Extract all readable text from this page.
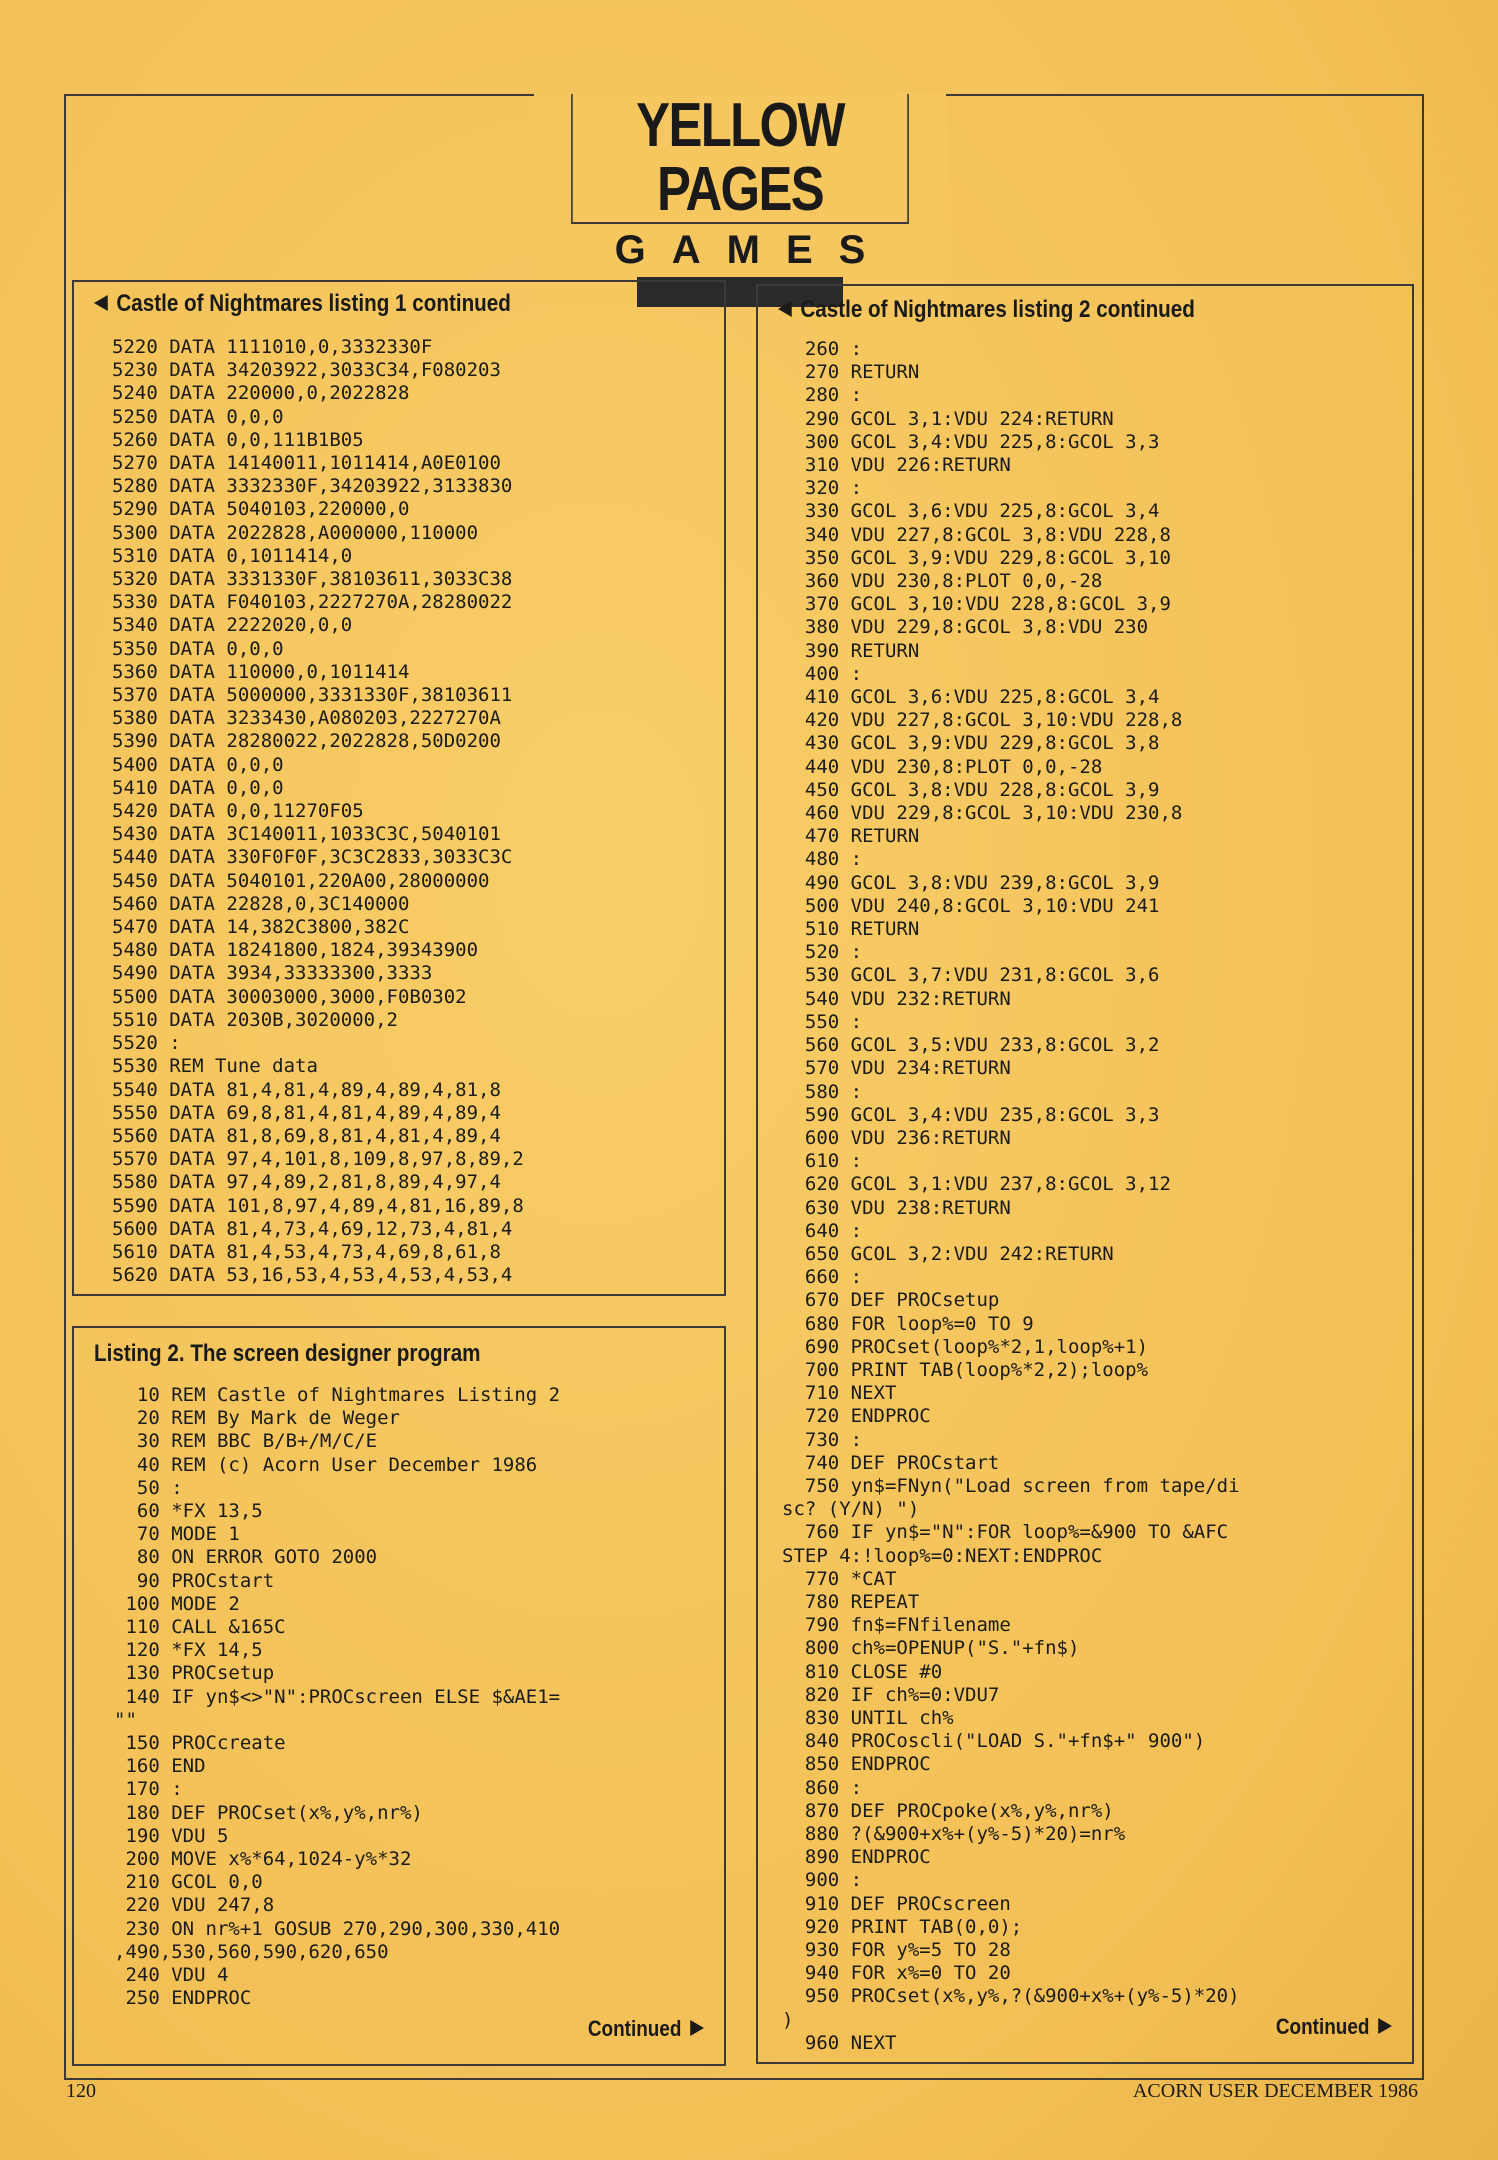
YELLOW PAGES
GAMES
Castle of Nightmares listing 1 continued
5220 DATA 1111010,0,3332330F
5230 DATA 34203922,3033C34,F080203
5240 DATA 220000,0,2022828
5250 DATA 0,0,0
5260 DATA 0,0,111B1B05
5270 DATA 14140011,1011414,A0E0100
5280 DATA 3332330F,34203922,3133830
5290 DATA 5040103,220000,0
5300 DATA 2022828,A000000,110000
5310 DATA 0,1011414,0
5320 DATA 3331330F,38103611,3033C38
5330 DATA F040103,2227270A,28280022
5340 DATA 2222020,0,0
5350 DATA 0,0,0
5360 DATA 110000,0,1011414
5370 DATA 5000000,3331330F,38103611
5380 DATA 3233430,A080203,2227270A
5390 DATA 28280022,2022828,50D0200
5400 DATA 0,0,0
5410 DATA 0,0,0
5420 DATA 0,0,11270F05
5430 DATA 3C140011,1033C3C,5040101
5440 DATA 330F0F0F,3C3C2833,3033C3C
5450 DATA 5040101,220A00,28000000
5460 DATA 22828,0,3C140000
5470 DATA 14,382C3800,382C
5480 DATA 18241800,1824,39343900
5490 DATA 3934,33333300,3333
5500 DATA 30003000,3000,F0B0302
5510 DATA 2030B,3020000,2
5520 :
5530 REM Tune data
5540 DATA 81,4,81,4,89,4,89,4,81,8
5550 DATA 69,8,81,4,81,4,89,4,89,4
5560 DATA 81,8,69,8,81,4,81,4,89,4
5570 DATA 97,4,101,8,109,8,97,8,89,2
5580 DATA 97,4,89,2,81,8,89,4,97,4
5590 DATA 101,8,97,4,89,4,81,16,89,8
5600 DATA 81,4,73,4,69,12,73,4,81,4
5610 DATA 81,4,53,4,73,4,69,8,61,8
5620 DATA 53,16,53,4,53,4,53,4,53,4
Listing 2. The screen designer program
10 REM Castle of Nightmares Listing 2
20 REM By Mark de Weger
30 REM BBC B/B+/M/C/E
40 REM (c) Acorn User December 1986
50 :
60 *FX 13,5
70 MODE 1
80 ON ERROR GOTO 2000
90 PROCstart
100 MODE 2
110 CALL &165C
120 *FX 14,5
130 PROCsetup
140 IF yn$<>"N":PROCscreen ELSE $&AE1=
""
150 PROCcreate
160 END
170 :
180 DEF PROCset(x%,y%,nr%)
190 VDU 5
200 MOVE x%*64,1024-y%*32
210 GCOL 0,0
220 VDU 247,8
230 ON nr%+1 GOSUB 270,290,300,330,410
,490,530,560,590,620,650
240 VDU 4
250 ENDPROC
Continued
Castle of Nightmares listing 2 continued
260 :
270 RETURN
280 :
290 GCOL 3,1:VDU 224:RETURN
300 GCOL 3,4:VDU 225,8:GCOL 3,3
310 VDU 226:RETURN
320 :
330 GCOL 3,6:VDU 225,8:GCOL 3,4
340 VDU 227,8:GCOL 3,8:VDU 228,8
350 GCOL 3,9:VDU 229,8:GCOL 3,10
360 VDU 230,8:PLOT 0,0,-28
370 GCOL 3,10:VDU 228,8:GCOL 3,9
380 VDU 229,8:GCOL 3,8:VDU 230
390 RETURN
400 :
410 GCOL 3,6:VDU 225,8:GCOL 3,4
420 VDU 227,8:GCOL 3,10:VDU 228,8
430 GCOL 3,9:VDU 229,8:GCOL 3,8
440 VDU 230,8:PLOT 0,0,-28
450 GCOL 3,8:VDU 228,8:GCOL 3,9
460 VDU 229,8:GCOL 3,10:VDU 230,8
470 RETURN
480 :
490 GCOL 3,8:VDU 239,8:GCOL 3,9
500 VDU 240,8:GCOL 3,10:VDU 241
510 RETURN
520 :
530 GCOL 3,7:VDU 231,8:GCOL 3,6
540 VDU 232:RETURN
550 :
560 GCOL 3,5:VDU 233,8:GCOL 3,2
570 VDU 234:RETURN
580 :
590 GCOL 3,4:VDU 235,8:GCOL 3,3
600 VDU 236:RETURN
610 :
620 GCOL 3,1:VDU 237,8:GCOL 3,12
630 VDU 238:RETURN
640 :
650 GCOL 3,2:VDU 242:RETURN
660 :
670 DEF PROCsetup
680 FOR loop%=0 TO 9
690 PROCset(loop%*2,1,loop%+1)
700 PRINT TAB(loop%*2,2);loop%
710 NEXT
720 ENDPROC
730 :
740 DEF PROCstart
750 yn$=FNyn("Load screen from tape/di
sc? (Y/N) ")
760 IF yn$="N":FOR loop%=&900 TO &AFC
STEP 4:!loop%=0:NEXT:ENDPROC
770 *CAT
780 REPEAT
790 fn$=FNfilename
800 ch%=OPENUP("S."+fn$)
810 CLOSE #0
820 IF ch%=0:VDU7
830 UNTIL ch%
840 PROCoscli("LOAD S."+fn$+" 900")
850 ENDPROC
860 :
870 DEF PROCpoke(x%,y%,nr%)
880 ?(&900+x%+(y%-5)*20)=nr%
890 ENDPROC
900 :
910 DEF PROCscreen
920 PRINT TAB(0,0);
930 FOR y%=5 TO 28
940 FOR x%=0 TO 20
950 PROCset(x%,y%,?(&900+x%+(y%-5)*20)
)
960 NEXT
Continued
120	ACORN USER DECEMBER 1986
